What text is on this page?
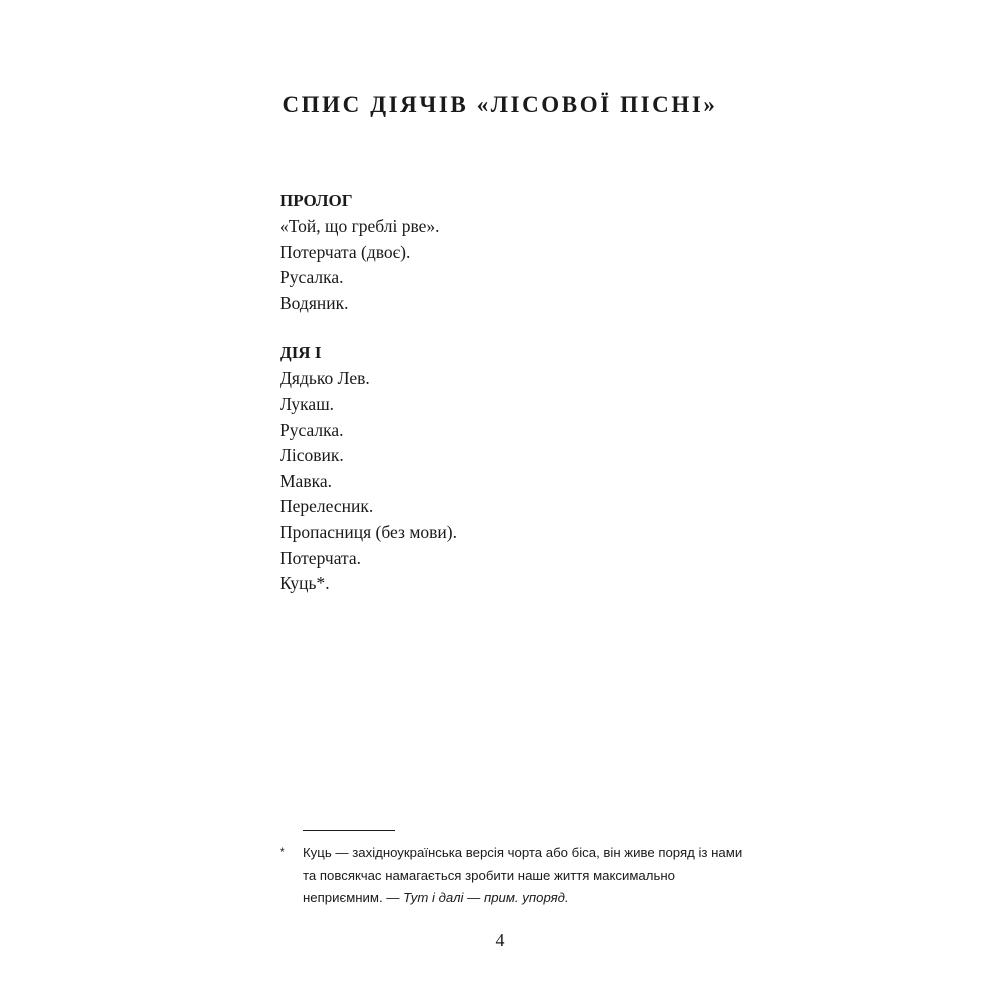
СПИС ДІЯЧІВ «ЛІСОВОЇ ПІСНІ»
ПРОЛОГ
«Той, що греблі рве».
Потерчата (двоє).
Русалка.
Водяник.
ДІЯ І
Дядько Лев.
Лукаш.
Русалка.
Лісовик.
Мавка.
Перелесник.
Пропасниця (без мови).
Потерчата.
Куць*.
* Куць — західноукраїнська версія чорта або біса, він живе поряд із нами та повсякчас намагається зробити наше життя максимально неприємним. — Тут і далі — прим. упоряд.
4
